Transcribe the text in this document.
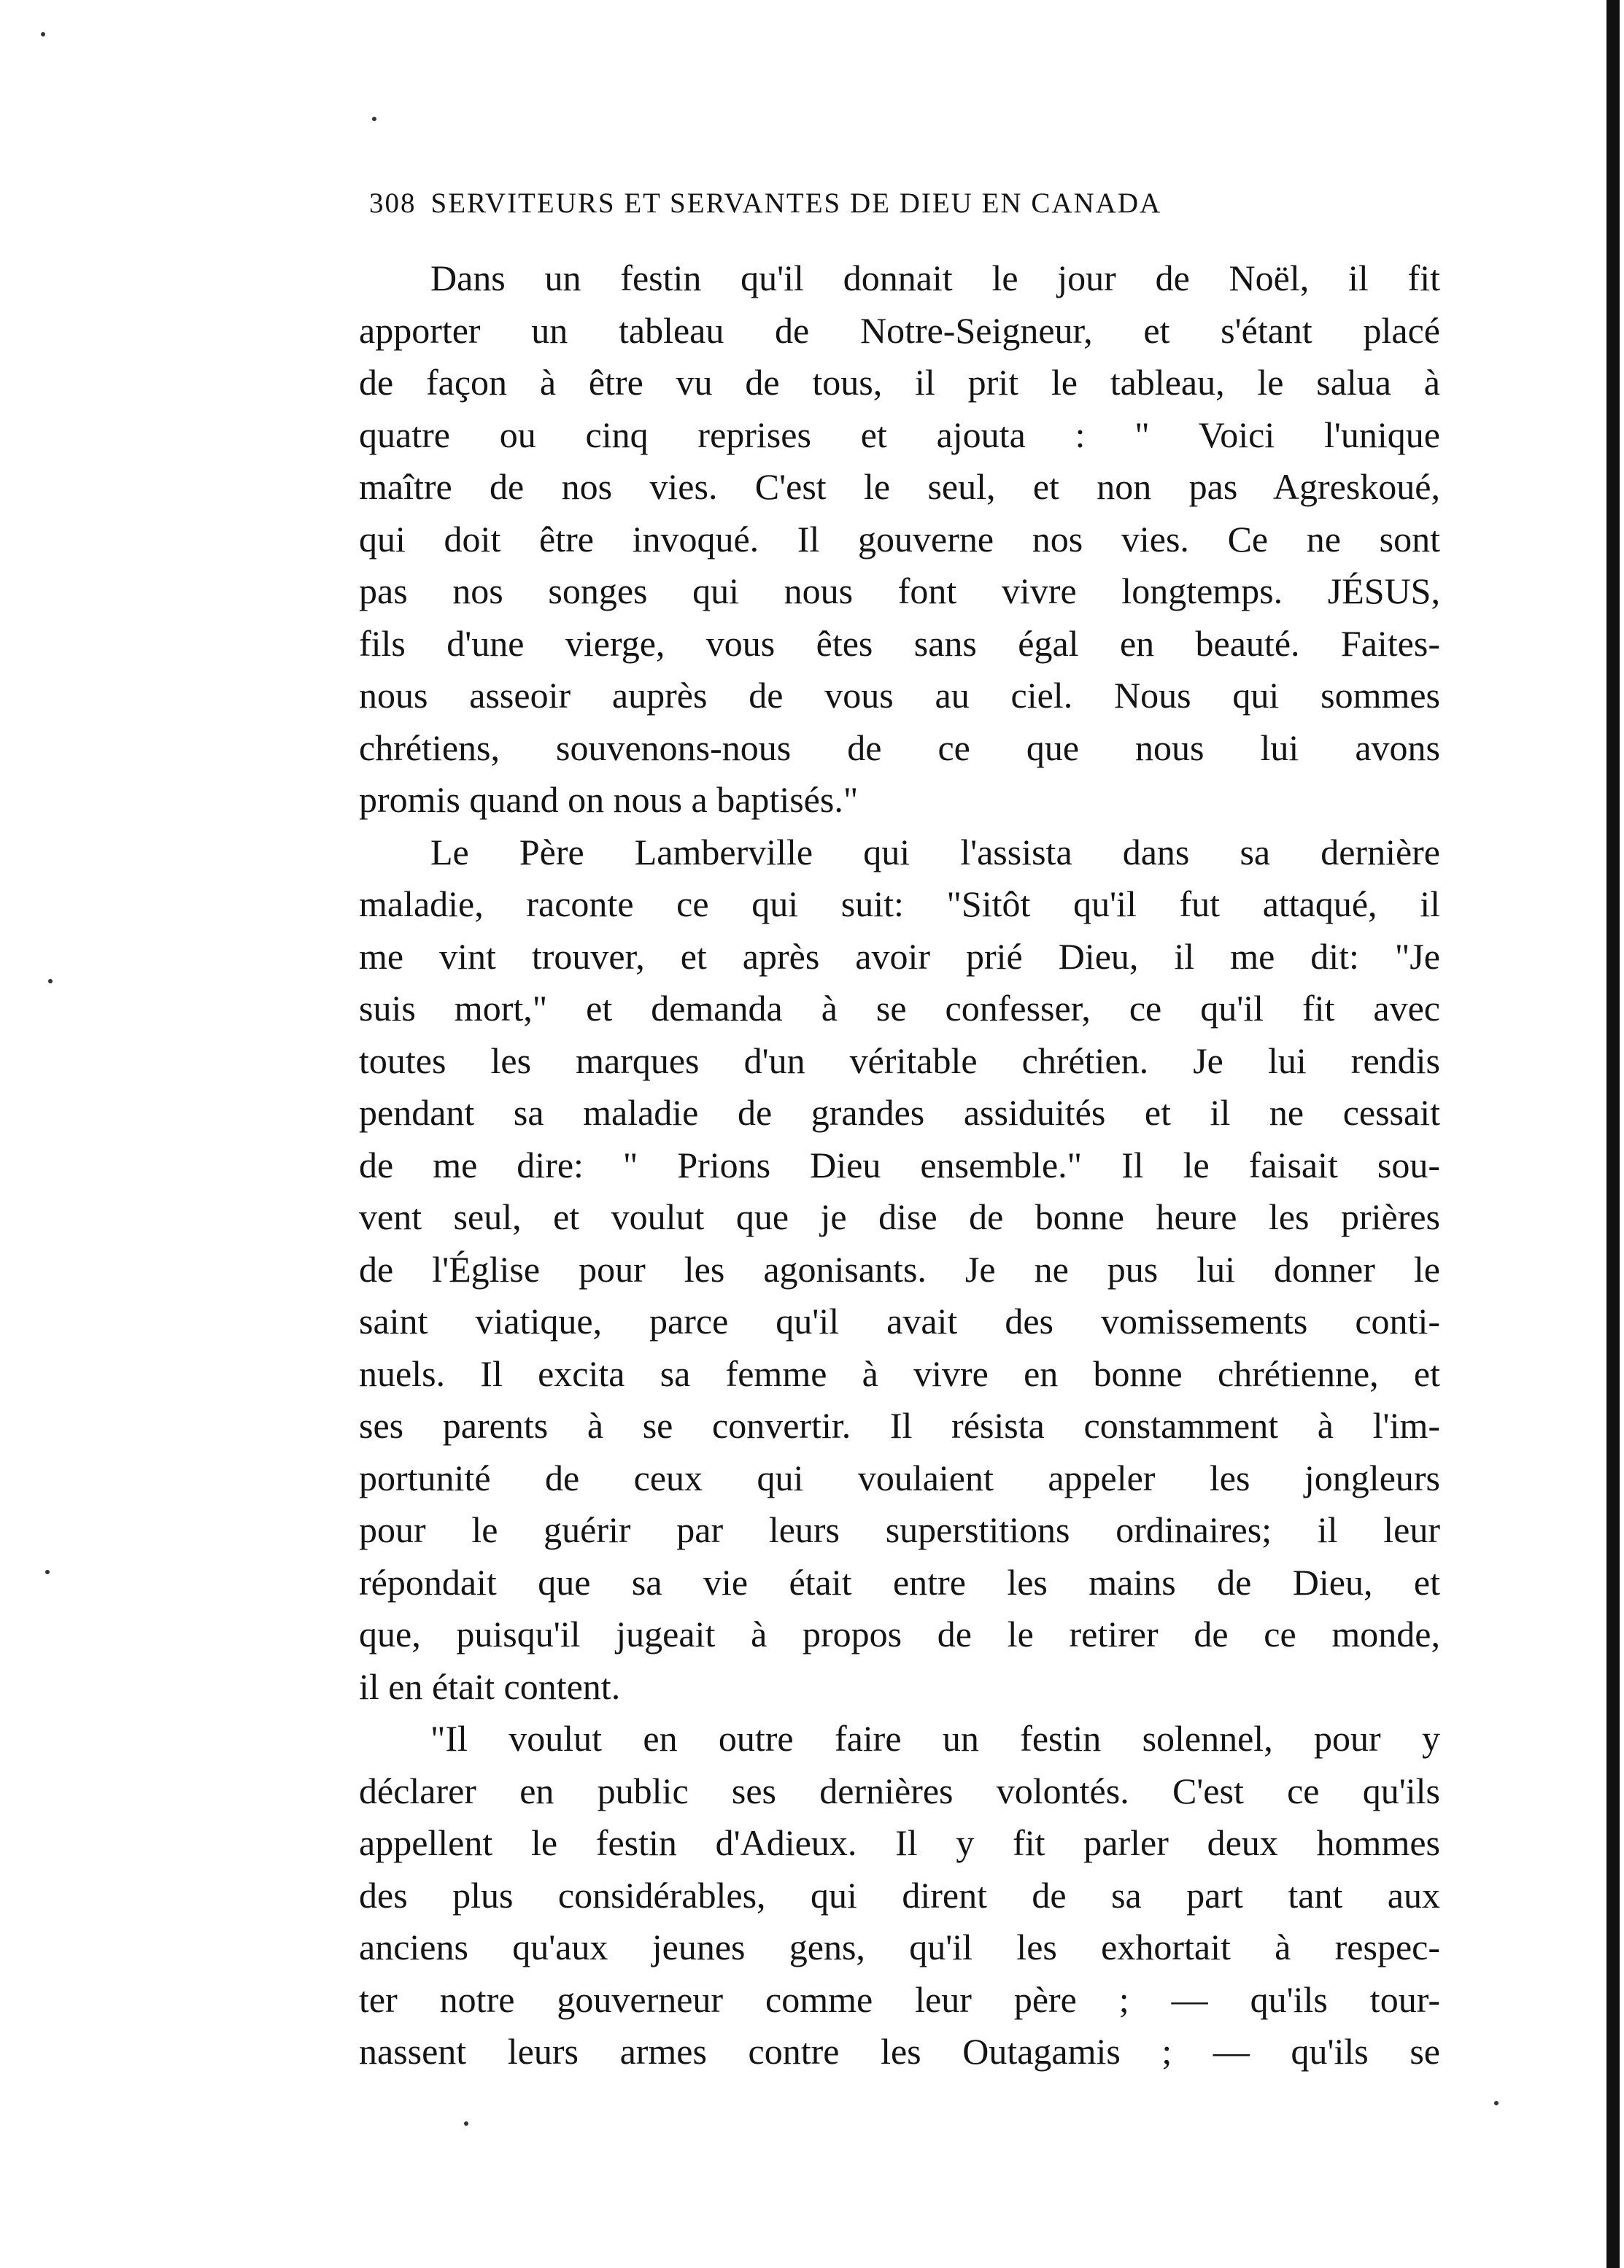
308 SERVITEURS ET SERVANTES DE DIEU EN CANADA
Dans un festin qu'il donnait le jour de Noël, il fit
apporter un tableau de Notre-Seigneur, et s'étant placé
de façon à être vu de tous, il prit le tableau, le salua à
quatre ou cinq reprises et ajouta : " Voici l'unique
maître de nos vies. C'est le seul, et non pas Agreskoué,
qui doit être invoqué. Il gouverne nos vies. Ce ne sont
pas nos songes qui nous font vivre longtemps. JÉSUS,
fils d'une vierge, vous êtes sans égal en beauté. Faites-
nous asseoir auprès de vous au ciel. Nous qui sommes
chrétiens, souvenons-nous de ce que nous lui avons
promis quand on nous a baptisés."
Le Père Lamberville qui l'assista dans sa dernière
maladie, raconte ce qui suit: "Sitôt qu'il fut attaqué, il
me vint trouver, et après avoir prié Dieu, il me dit: "Je
suis mort," et demanda à se confesser, ce qu'il fit avec
toutes les marques d'un véritable chrétien. Je lui rendis
pendant sa maladie de grandes assiduités et il ne cessait
de me dire: " Prions Dieu ensemble." Il le faisait sou-
vent seul, et voulut que je dise de bonne heure les prières
de l'Église pour les agonisants. Je ne pus lui donner le
saint viatique, parce qu'il avait des vomissements conti-
nuels. Il excita sa femme à vivre en bonne chrétienne, et
ses parents à se convertir. Il résista constamment à l'im-
portunité de ceux qui voulaient appeler les jongleurs
pour le guérir par leurs superstitions ordinaires; il leur
répondait que sa vie était entre les mains de Dieu, et
que, puisqu'il jugeait à propos de le retirer de ce monde,
il en était content.
"Il voulut en outre faire un festin solennel, pour y
déclarer en public ses dernières volontés. C'est ce qu'ils
appellent le festin d'Adieux. Il y fit parler deux hommes
des plus considérables, qui dirent de sa part tant aux
anciens qu'aux jeunes gens, qu'il les exhortait à respec-
ter notre gouverneur comme leur père ; — qu'ils tour-
nassent leurs armes contre les Outagamis ; — qu'ils se
